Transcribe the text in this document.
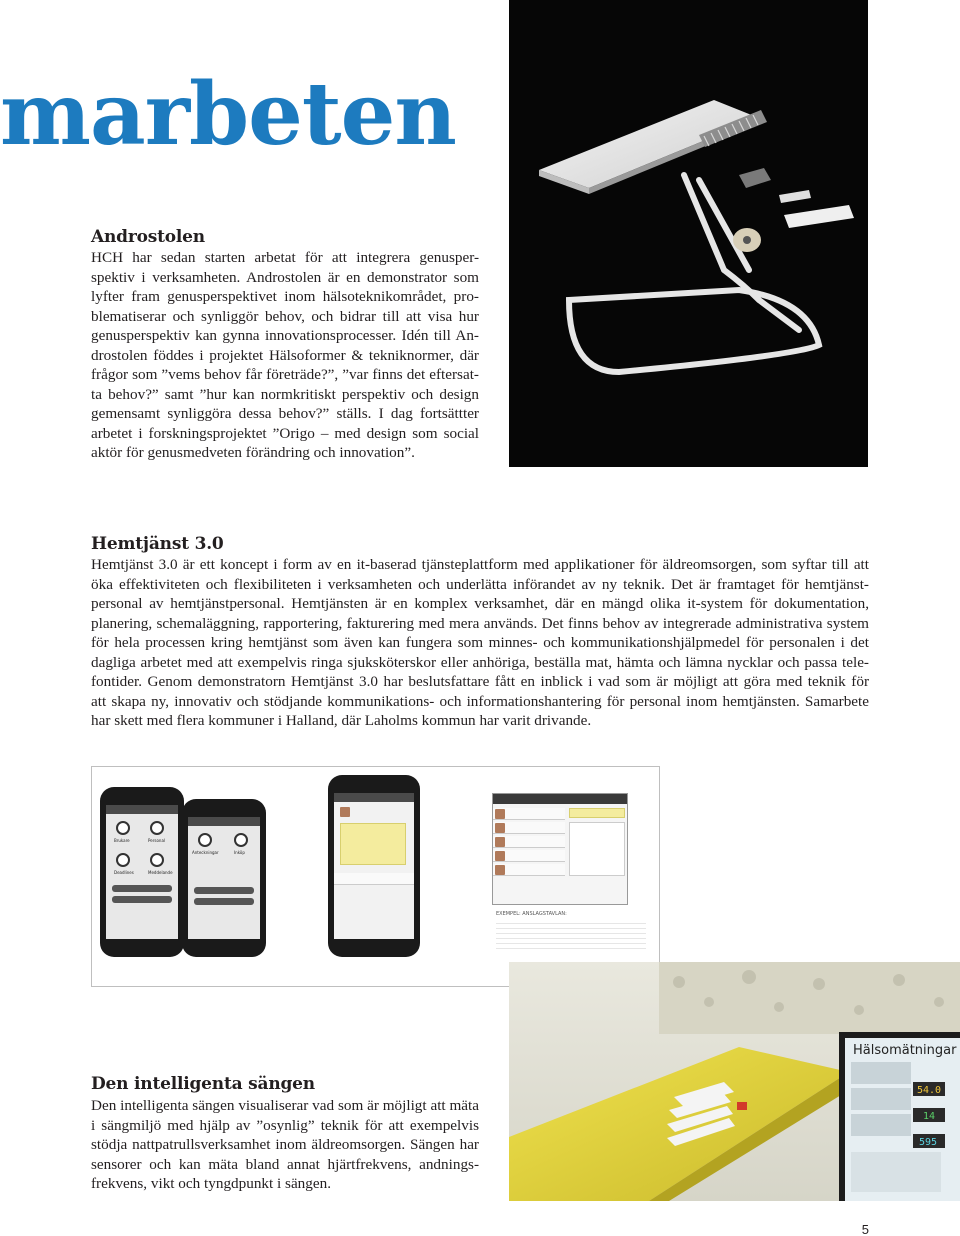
marbeten
Androstolen
HCH har sedan starten arbetat för att integrera genusper-
spektiv i verksamheten. Androstolen är en demonstrator som
lyfter fram genusperspektivet inom hälsoteknikområdet, pro-
blematiserar och synliggör behov, och bidrar till att visa hur
genusperspektiv kan gynna innovationsprocesser. Idén till An-
drostolen föddes i projektet Hälsoformer & tekniknormer, där
frågor som ”vems behov får företräde?”, ”var finns det eftersat-
ta behov?” samt ”hur kan normkritiskt perspektiv och design
gemensamt synliggöra dessa behov?” ställs. I dag fortsättter
arbetet i forskningsprojektet ”Origo – med design som social
aktör för genusmedveten förändring och innovation”.
Hemtjänst 3.0
Hemtjänst 3.0 är ett koncept i form av en it-baserad tjänsteplattform med applikationer för äldreomsorgen, som syftar till att
öka effektiviteten och flexibiliteten i verksamheten och underlätta införandet av ny teknik. Det är framtaget för hemtjänst-
personal av hemtjänstpersonal. Hemtjänsten är en komplex verksamhet, där en mängd olika it-system för dokumentation,
planering, schemaläggning, rapportering, fakturering med mera används. Det finns behov av integrerade administrativa system
för hela processen kring hemtjänst som även kan fungera som minnes- och kommunikationshjälpmedel för personalen i det
dagliga arbetet med att exempelvis ringa sjuksköterskor eller anhöriga, beställa mat, hämta och lämna nycklar och passa tele-
fontider. Genom demonstratorn Hemtjänst 3.0 har beslutsfattare fått en inblick i vad som är möjligt att göra med teknik för
att skapa ny, innovativ och stödjande kommunikations- och informationshantering för personal inom hemtjänsten. Samarbete
har skett med flera kommuner i Halland, där Laholms kommun har varit drivande.
Brukare	Personal
Deadlines	Meddelande
Anteckningar	Inköp
EXEMPEL: ANSLAGSTAVLAN:
Den intelligenta sängen
Den intelligenta sängen visualiserar vad som är möjligt att mäta
i sängmiljö med hjälp av ”osynlig” teknik för att exempelvis
stödja nattpatrullsverksamhet inom äldreomsorgen. Sängen har
sensorer och kan mäta bland annat hjärtfrekvens, andnings-
frekvens, vikt och tyngdpunkt i sängen.
Hälsomätningar
54.0
14
595
5
